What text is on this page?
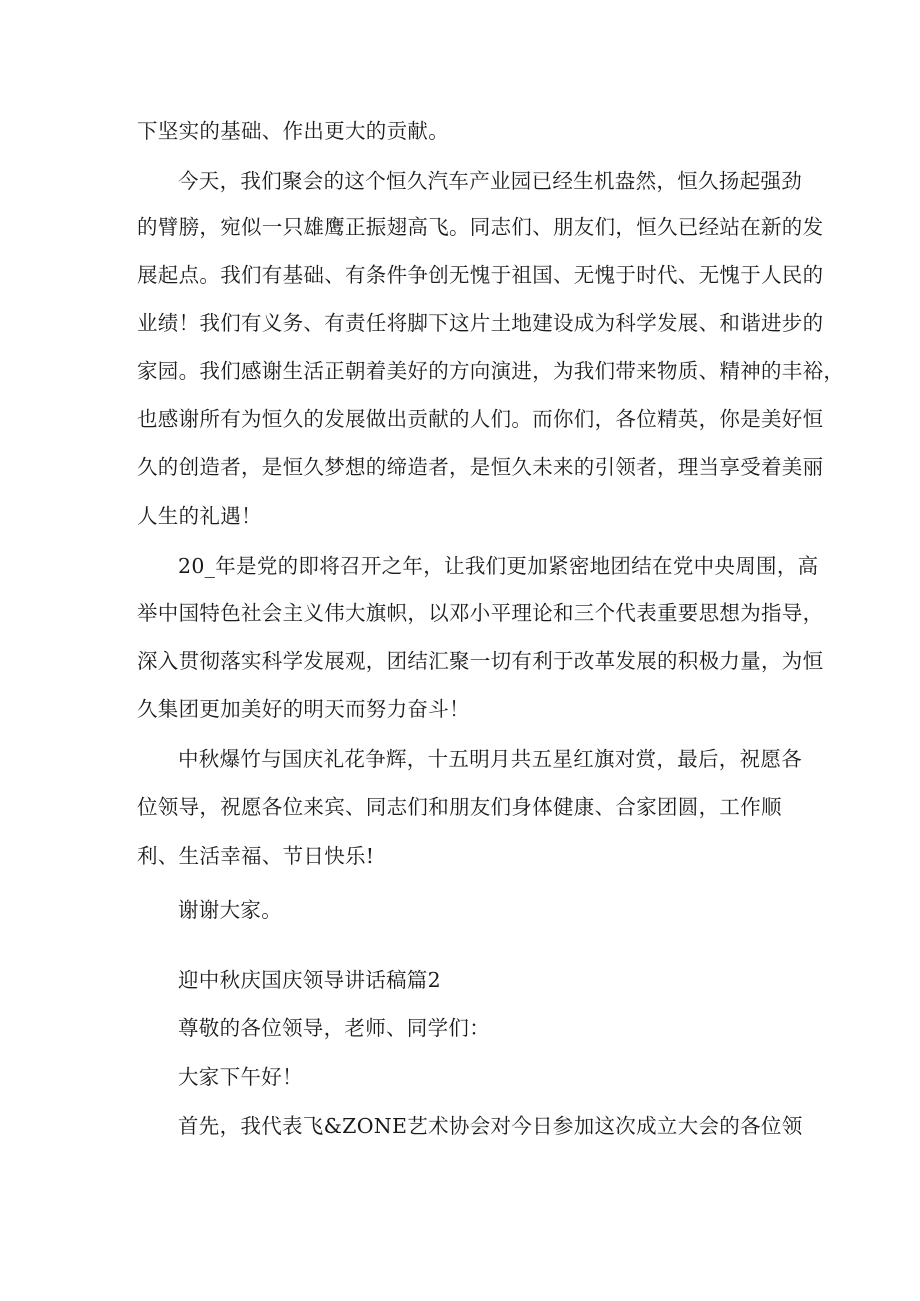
下坚实的基础、作出更大的贡献。
今天，我们聚会的这个恒久汽车产业园已经生机盎然，恒久扬起强劲
的臂膀，宛似一只雄鹰正振翅高飞。同志们、朋友们，恒久已经站在新的发
展起点。我们有基础、有条件争创无愧于祖国、无愧于时代、无愧于人民的
业绩！我们有义务、有责任将脚下这片土地建设成为科学发展、和谐进步的
家园。我们感谢生活正朝着美好的方向演进，为我们带来物质、精神的丰裕，
也感谢所有为恒久的发展做出贡献的人们。而你们，各位精英，你是美好恒
久的创造者，是恒久梦想的缔造者，是恒久未来的引领者，理当享受着美丽
人生的礼遇！
20_年是党的即将召开之年，让我们更加紧密地团结在党中央周围，高
举中国特色社会主义伟大旗帜，以邓小平理论和三个代表重要思想为指导，
深入贯彻落实科学发展观，团结汇聚一切有利于改革发展的积极力量，为恒
久集团更加美好的明天而努力奋斗！
中秋爆竹与国庆礼花争辉，十五明月共五星红旗对赏，最后，祝愿各
位领导，祝愿各位来宾、同志们和朋友们身体健康、合家团圆，工作顺
利、生活幸福、节日快乐!
谢谢大家。
迎中秋庆国庆领导讲话稿篇2
尊敬的各位领导，老师、同学们：
大家下午好！
首先，我代表飞&ZONE艺术协会对今日参加这次成立大会的各位领
